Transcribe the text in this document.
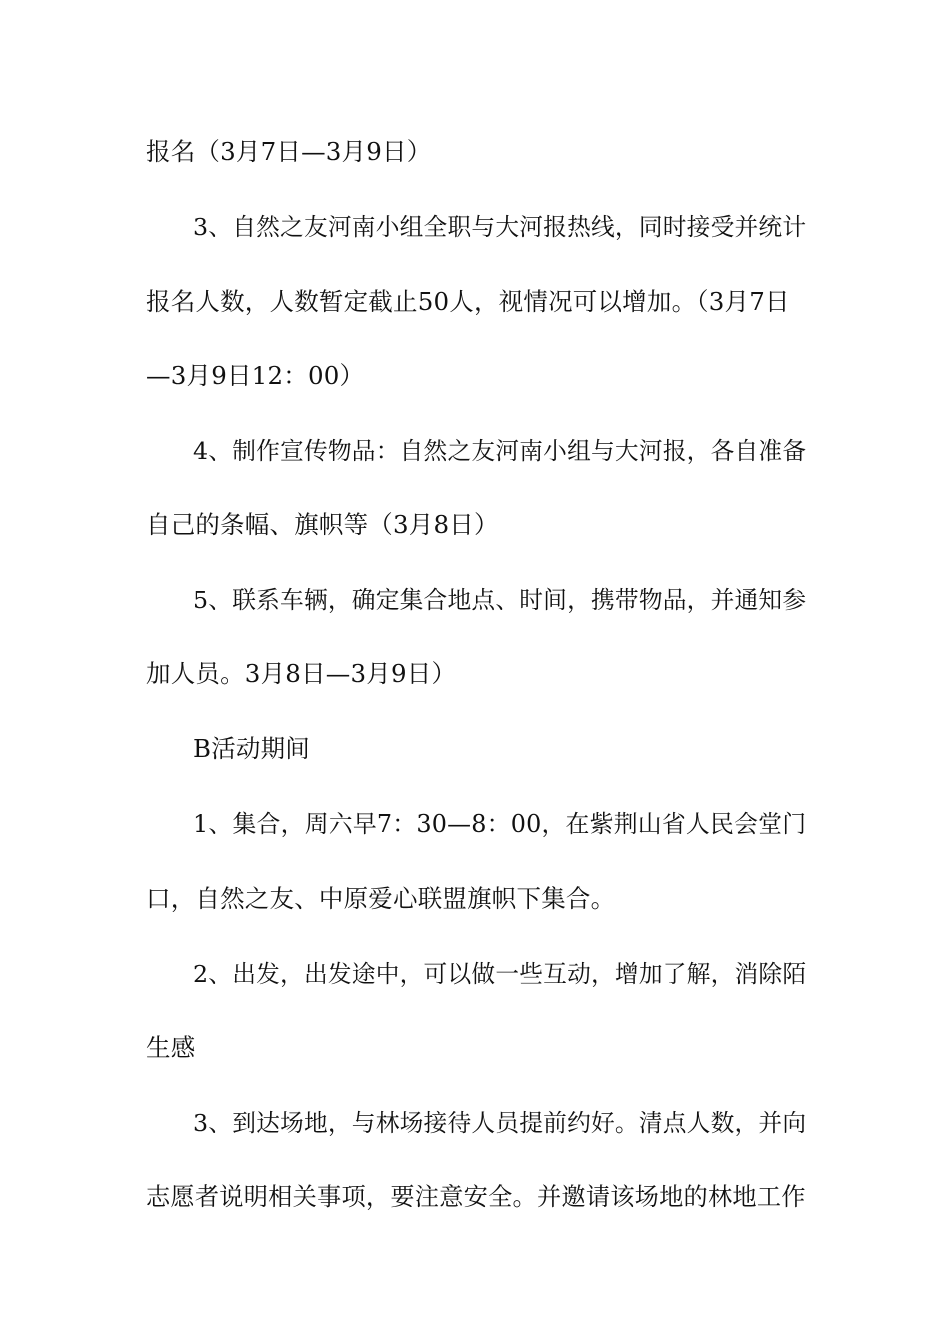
报名（3月7日—3月9日）
3、自然之友河南小组全职与大河报热线，同时接受并统计
报名人数，人数暂定截止50人，视情况可以增加。（3月7日
—3月9日12：00）
4、制作宣传物品：自然之友河南小组与大河报，各自准备
自己的条幅、旗帜等（3月8日）
5、联系车辆，确定集合地点、时间，携带物品，并通知参
加人员。3月8日—3月9日）
B活动期间
1、集合，周六早7：30—8：00，在紫荆山省人民会堂门
口，自然之友、中原爱心联盟旗帜下集合。
2、出发，出发途中，可以做一些互动，增加了解，消除陌
生感
3、到达场地，与林场接待人员提前约好。清点人数，并向
志愿者说明相关事项，要注意安全。并邀请该场地的林地工作
